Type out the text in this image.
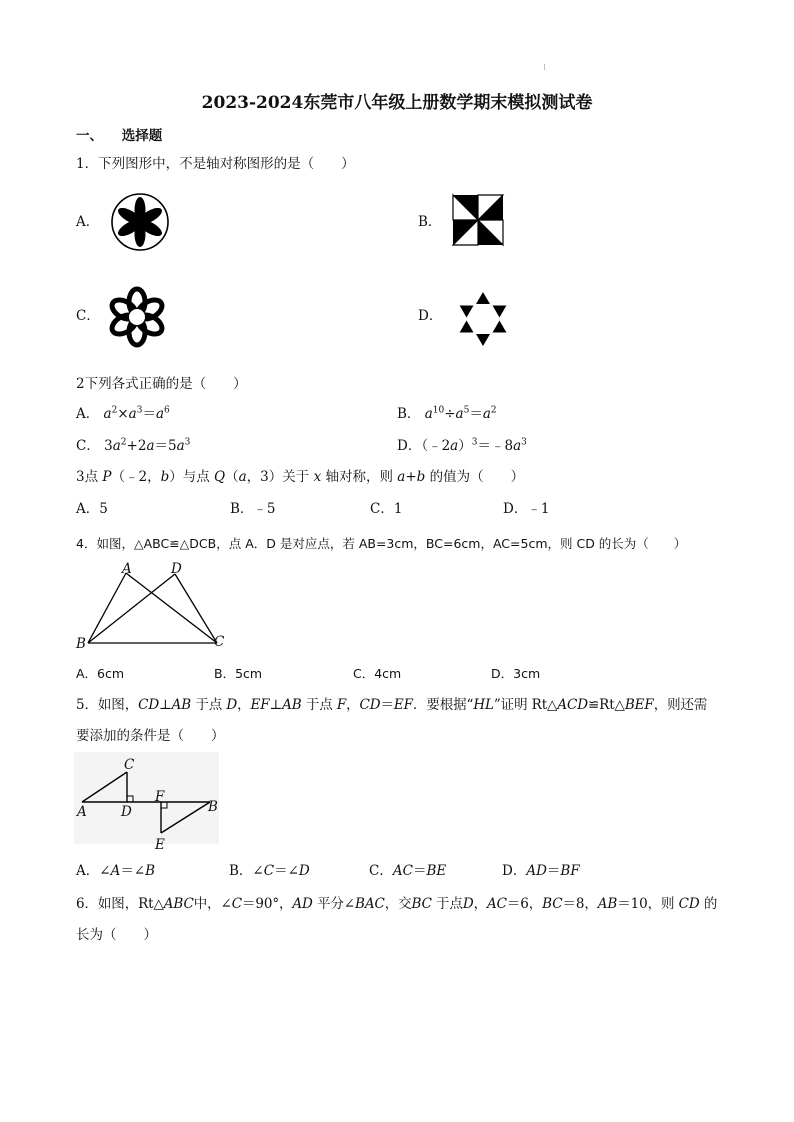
2023-2024东莞市八年级上册数学期末模拟测试卷
一、 选择题
1．下列图形中，不是轴对称图形的是（　　）
A．	B．
C．	D．
2下列各式正确的是（　　）
A． $a^2\times a^3=a^6$	B． $a^{10}\div a^5=a^2$
C． $3a^2+2a=5a^3$	D．$(﹣2a)^3=﹣8a^3$
3点 P（﹣2，b）与点 Q（a，3）关于 x 轴对称，则 a+b 的值为（　　）
A．5	B．﹣5	C．1	D．﹣1
4．如图，△ABC≌△DCB，点 A．D 是对应点，若 AB=3cm，BC=6cm，AC=5cm，则 CD 的长为（　　）
A	D
B	C
A．6cm	B．5cm	C．4cm	D．3cm
5．如图，CD⊥AB 于点 D，EF⊥AB 于点 F，CD＝EF．要根据“HL”证明 Rt△ACD≌Rt△BEF，则还需
要添加的条件是（　　）
C
F
B
A	D
E
A．∠A＝∠B	B．∠C＝∠D	C．AC＝BE	D．AD＝BF
6．如图，Rt△ABC中，∠C＝90°，AD 平分∠BAC，交BC 于点D，AC＝6，BC＝8，AB＝10，则 CD 的
长为（　　）
